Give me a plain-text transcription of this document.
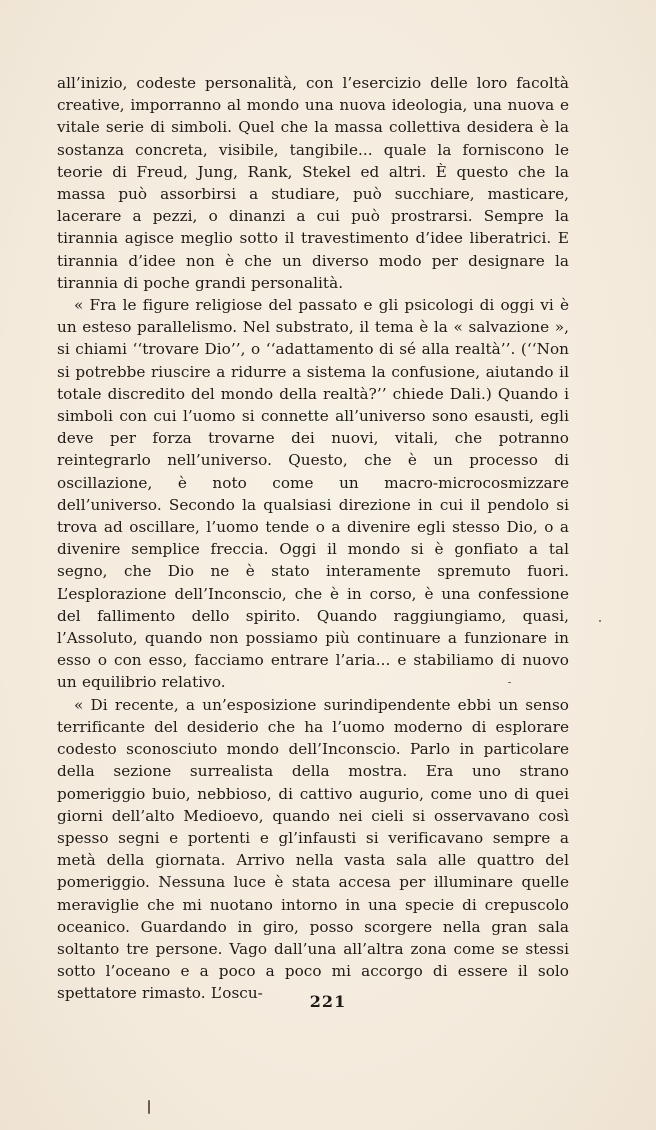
all’inizio, codeste personalità, con l’esercizio delle loro facoltà creative, imporranno al mondo una nuova ideologia, una nuova e vitale serie di simboli. Quel che la massa collettiva desidera è la sostanza concreta, visibile, tangibile... quale la forniscono le teorie di Freud, Jung, Rank, Stekel ed altri. È questo che la massa può assorbirsi a studiare, può succhiare, masticare, lacerare a pezzi, o dinanzi a cui può prostrarsi. Sempre la tirannia agisce meglio sotto il travestimento d’idee liberatrici. E tirannia d’idee non è che un diverso modo per designare la tirannia di poche grandi personalità.

« Fra le figure religiose del passato e gli psicologi di oggi vi è un esteso parallelismo. Nel substrato, il tema è la « salvazione », si chiami ‘‘trovare Dio’’, o ‘‘adattamento di sé alla realtà’’. (‘‘Non si potrebbe riuscire a ridurre a sistema la confusione, aiutando il totale discredito del mondo della realtà?’’ chiede Dali.) Quando i simboli con cui l’uomo si connette all’universo sono esausti, egli deve per forza trovarne dei nuovi, vitali, che potranno reintegrarlo nell’universo. Questo, che è un processo di oscillazione, è noto come un macro-microcosmizzare dell’universo. Secondo la qualsiasi direzione in cui il pendolo si trova ad oscillare, l’uomo tende o a divenire egli stesso Dio, o a divenire semplice freccia. Oggi il mondo si è gonfiato a tal segno, che Dio ne è stato interamente spremuto fuori. L’esplorazione dell’Inconscio, che è in corso, è una confessione del fallimento dello spirito. Quando raggiungiamo, quasi, l’Assoluto, quando non possiamo più continuare a funzionare in esso o con esso, facciamo entrare l’aria... e stabiliamo di nuovo un equilibrio relativo.

« Di recente, a un’esposizione surindipendente ebbi un senso terrificante del desiderio che ha l’uomo moderno di esplorare codesto sconosciuto mondo dell’Inconscio. Parlo in particolare della sezione surrealista della mostra. Era uno strano pomeriggio buio, nebbioso, di cattivo augurio, come uno di quei giorni dell’alto Medioevo, quando nei cieli si osservavano così spesso segni e portenti e gl’infausti si verificavano sempre a metà della giornata. Arrivo nella vasta sala alle quattro del pomeriggio. Nessuna luce è stata accesa per illuminare quelle meraviglie che mi nuotano intorno in una specie di crepuscolo oceanico. Guardando in giro, posso scorgere nella gran sala soltanto tre persone. Vago dall’una all’altra zona come se stessi sotto l’oceano e a poco a poco mi accorgo di essere il solo spettatore rimasto. L’oscu-	221
